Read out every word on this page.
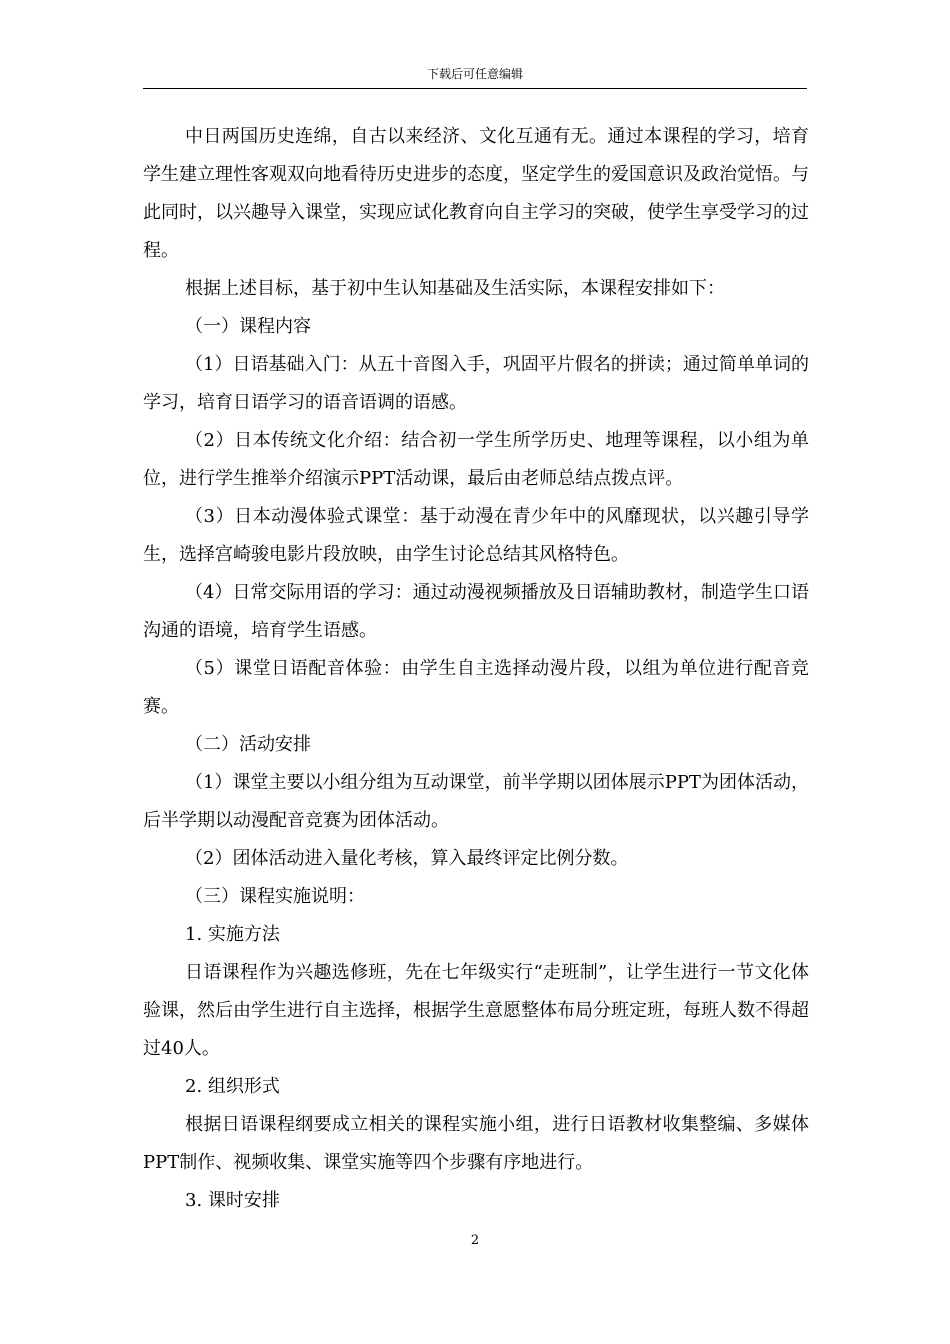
下载后可任意编辑

中日两国历史连绵，自古以来经济、文化互通有无。通过本课程的学习，培育学生建立理性客观双向地看待历史进步的态度，坚定学生的爱国意识及政治觉悟。与此同时，以兴趣导入课堂，实现应试化教育向自主学习的突破，使学生享受学习的过程。

根据上述目标，基于初中生认知基础及生活实际，本课程安排如下：

（一）课程内容

（1）日语基础入门：从五十音图入手，巩固平片假名的拼读；通过简单单词的学习，培育日语学习的语音语调的语感。

（2）日本传统文化介绍：结合初一学生所学历史、地理等课程，以小组为单位，进行学生推举介绍演示PPT活动课，最后由老师总结点拨点评。

（3）日本动漫体验式课堂：基于动漫在青少年中的风靡现状，以兴趣引导学生，选择宫崎骏电影片段放映，由学生讨论总结其风格特色。

（4）日常交际用语的学习：通过动漫视频播放及日语辅助教材，制造学生口语沟通的语境，培育学生语感。

（5）课堂日语配音体验：由学生自主选择动漫片段，以组为单位进行配音竞赛。

（二）活动安排

（1）课堂主要以小组分组为互动课堂，前半学期以团体展示PPT为团体活动，后半学期以动漫配音竞赛为团体活动。

（2）团体活动进入量化考核，算入最终评定比例分数。

（三）课程实施说明：

1. 实施方法

日语课程作为兴趣选修班，先在七年级实行“走班制”，让学生进行一节文化体验课，然后由学生进行自主选择，根据学生意愿整体布局分班定班，每班人数不得超过40人。

2. 组织形式

根据日语课程纲要成立相关的课程实施小组，进行日语教材收集整编、多媒体PPT制作、视频收集、课堂实施等四个步骤有序地进行。

3. 课时安排

2
